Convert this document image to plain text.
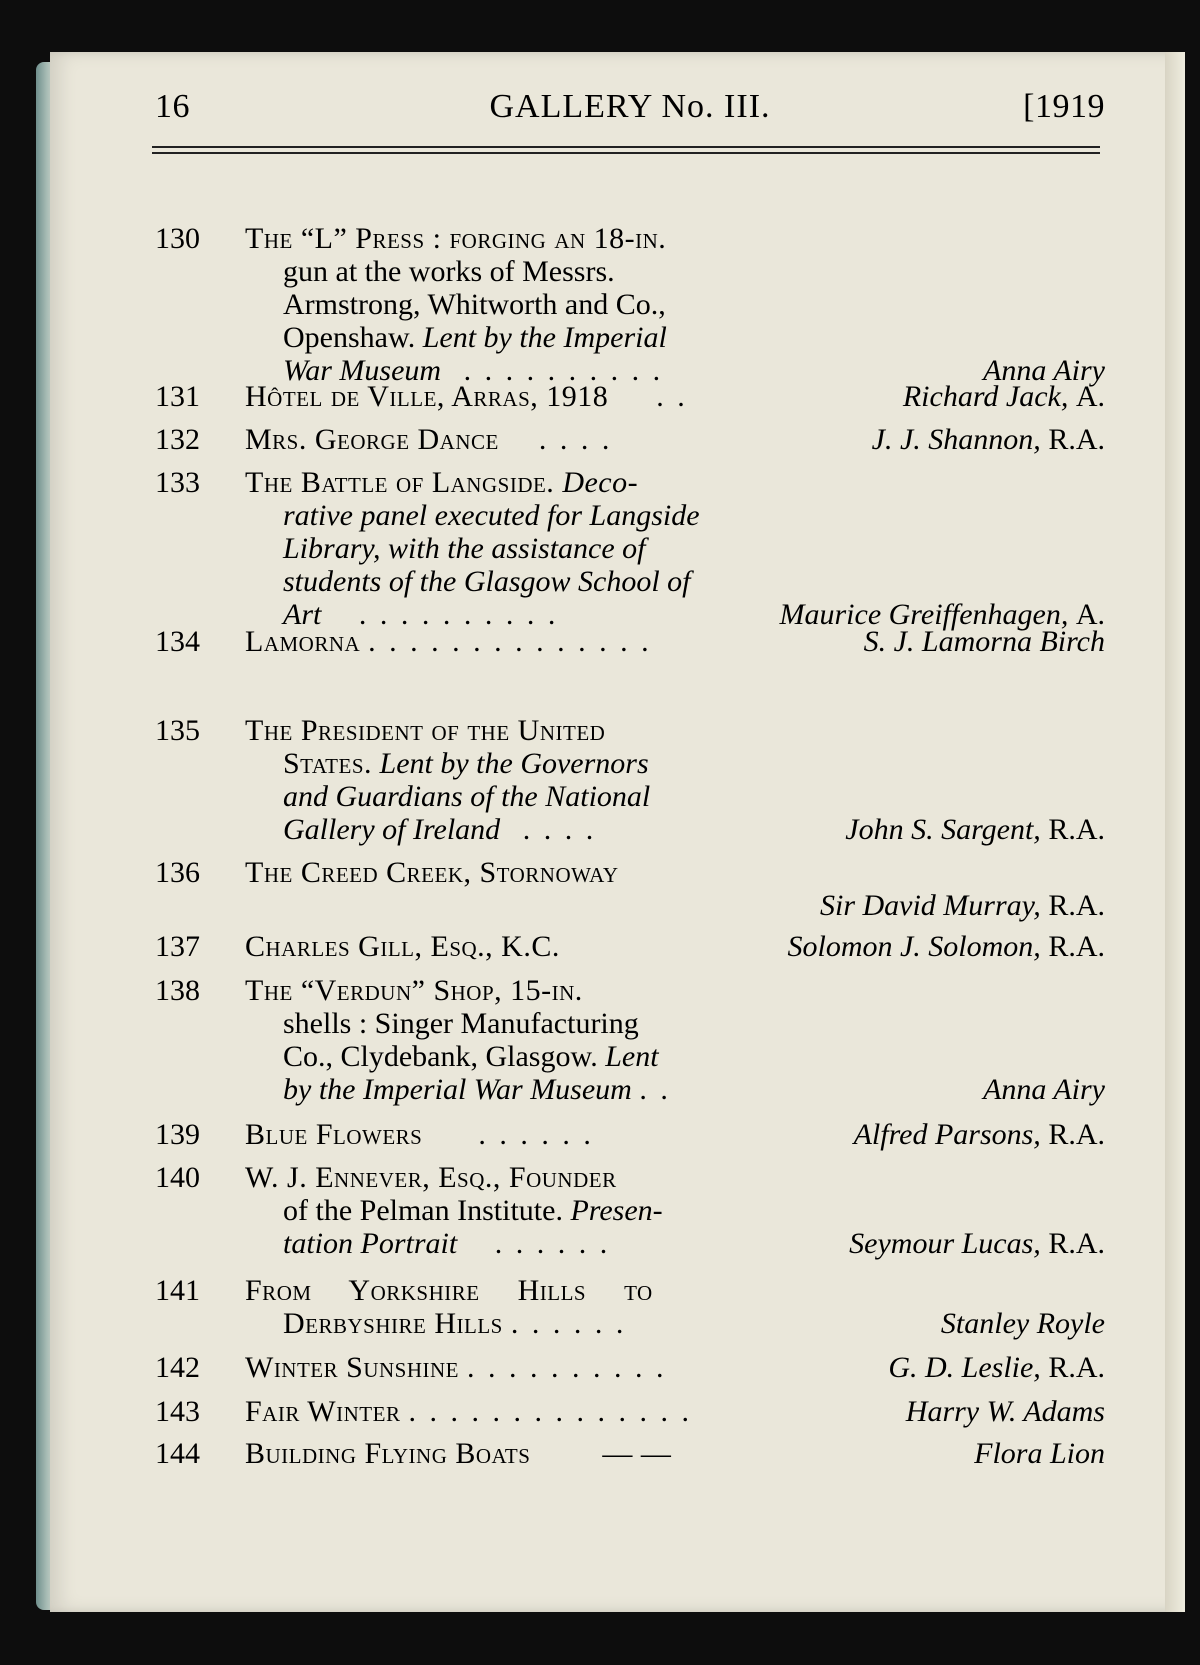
16	GALLERY No. III.	[1919
130 The “L” Press : forging an 18-in.
gun at the works of Messrs.
Armstrong, Whitworth and Co.,
Openshaw. Lent by the Imperial
War Museum . . . . . . . . . .	Anna Airy
131 Hôtel de Ville, Arras, 1918 . .	Richard Jack, A.
132 Mrs. George Dance . . . .	J. J. Shannon, R.A.
133 The Battle of Langside. Deco-
rative panel executed for Langside
Library, with the assistance of
students of the Glasgow School of
Art . . . . . . . . . .	Maurice Greiffenhagen, A.
134 Lamorna . . . . . . . . . . . . . .	S. J. Lamorna Birch
135 The President of the United
States. Lent by the Governors
and Guardians of the National
Gallery of Ireland . . . .	John S. Sargent, R.A.
136 The Creed Creek, Stornoway
Sir David Murray, R.A.
137 Charles Gill, Esq., K.C.	Solomon J. Solomon, R.A.
138 The “Verdun” Shop, 15-in.
shells : Singer Manufacturing
Co., Clydebank, Glasgow. Lent
by the Imperial War Museum . .	Anna Airy
139 Blue Flowers . . . . . .	Alfred Parsons, R.A.
140 W. J. Ennever, Esq., Founder
of the Pelman Institute. Presen-
tation Portrait . . . . . .	Seymour Lucas, R.A.
141 From Yorkshire Hills to
Derbyshire Hills . . . . . .	Stanley Royle
142 Winter Sunshine . . . . . . . . . .	G. D. Leslie, R.A.
143 Fair Winter . . . . . . . . . . . . . .	Harry W. Adams
144 Building Flying Boats — —	Flora Lion
